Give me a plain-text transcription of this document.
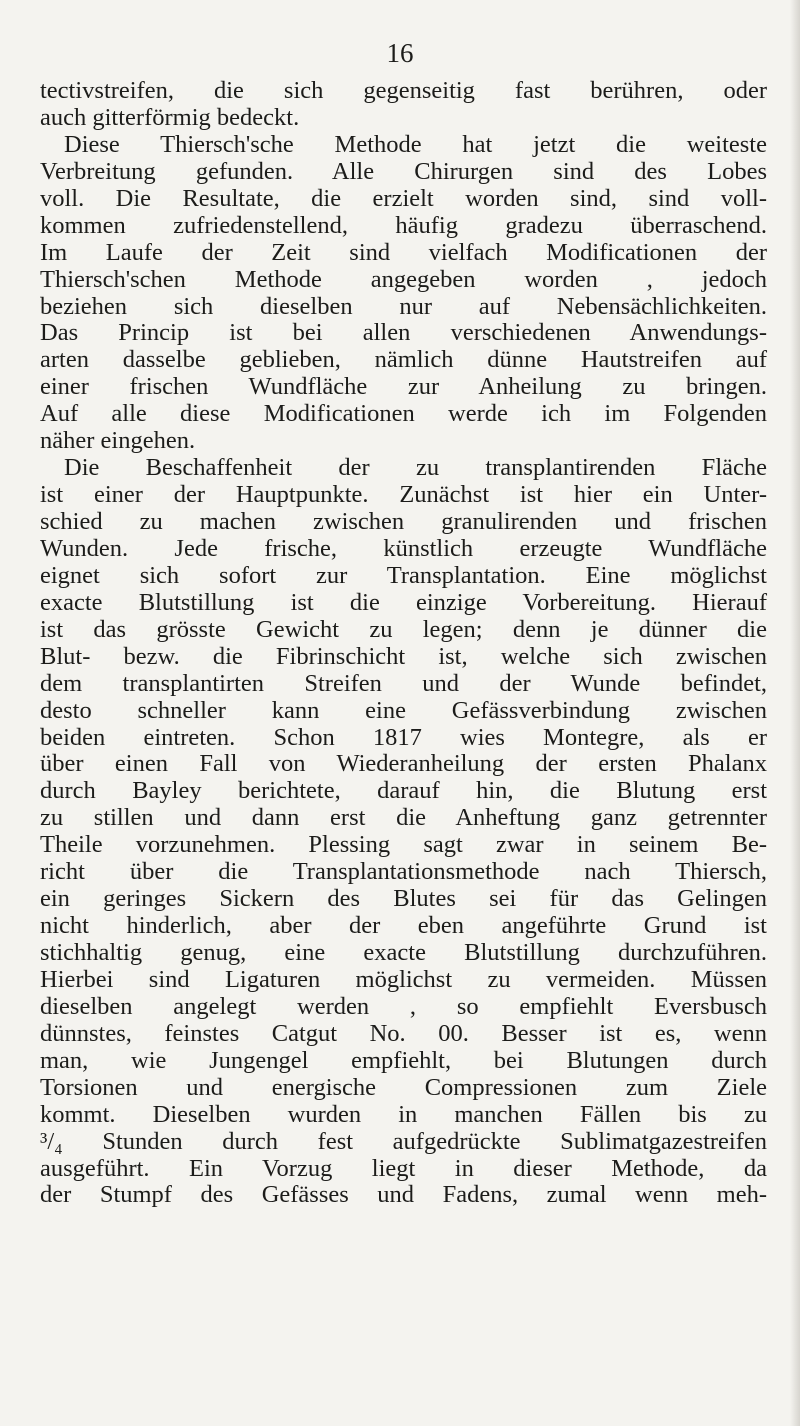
16
tectivstreifen, die sich gegenseitig fast berühren, oder
auch gitterförmig bedeckt.
Diese Thiersch'sche Methode hat jetzt die weiteste
Verbreitung gefunden. Alle Chirurgen sind des Lobes
voll. Die Resultate, die erzielt worden sind, sind voll-
kommen zufriedenstellend, häufig gradezu überraschend.
Im Laufe der Zeit sind vielfach Modificationen der
Thiersch'schen Methode angegeben worden , jedoch
beziehen sich dieselben nur auf Nebensächlichkeiten.
Das Princip ist bei allen verschiedenen Anwendungs-
arten dasselbe geblieben, nämlich dünne Hautstreifen auf
einer frischen Wundfläche zur Anheilung zu bringen.
Auf alle diese Modificationen werde ich im Folgenden
näher eingehen.
Die Beschaffenheit der zu transplantirenden Fläche
ist einer der Hauptpunkte. Zunächst ist hier ein Unter-
schied zu machen zwischen granulirenden und frischen
Wunden. Jede frische, künstlich erzeugte Wundfläche
eignet sich sofort zur Transplantation. Eine möglichst
exacte Blutstillung ist die einzige Vorbereitung. Hierauf
ist das grösste Gewicht zu legen; denn je dünner die
Blut- bezw. die Fibrinschicht ist, welche sich zwischen
dem transplantirten Streifen und der Wunde befindet,
desto schneller kann eine Gefässverbindung zwischen
beiden eintreten. Schon 1817 wies Montegre, als er
über einen Fall von Wiederanheilung der ersten Phalanx
durch Bayley berichtete, darauf hin, die Blutung erst
zu stillen und dann erst die Anheftung ganz getrennter
Theile vorzunehmen. Plessing sagt zwar in seinem Be-
richt über die Transplantationsmethode nach Thiersch,
ein geringes Sickern des Blutes sei für das Gelingen
nicht hinderlich, aber der eben angeführte Grund ist
stichhaltig genug, eine exacte Blutstillung durchzuführen.
Hierbei sind Ligaturen möglichst zu vermeiden. Müssen
dieselben angelegt werden , so empfiehlt Eversbusch
dünnstes, feinstes Catgut No. 00. Besser ist es, wenn
man, wie Jungengel empfiehlt, bei Blutungen durch
Torsionen und energische Compressionen zum Ziele
kommt. Dieselben wurden in manchen Fällen bis zu
³/₄ Stunden durch fest aufgedrückte Sublimatgazestreifen
ausgeführt. Ein Vorzug liegt in dieser Methode, da
der Stumpf des Gefässes und Fadens, zumal wenn meh-
